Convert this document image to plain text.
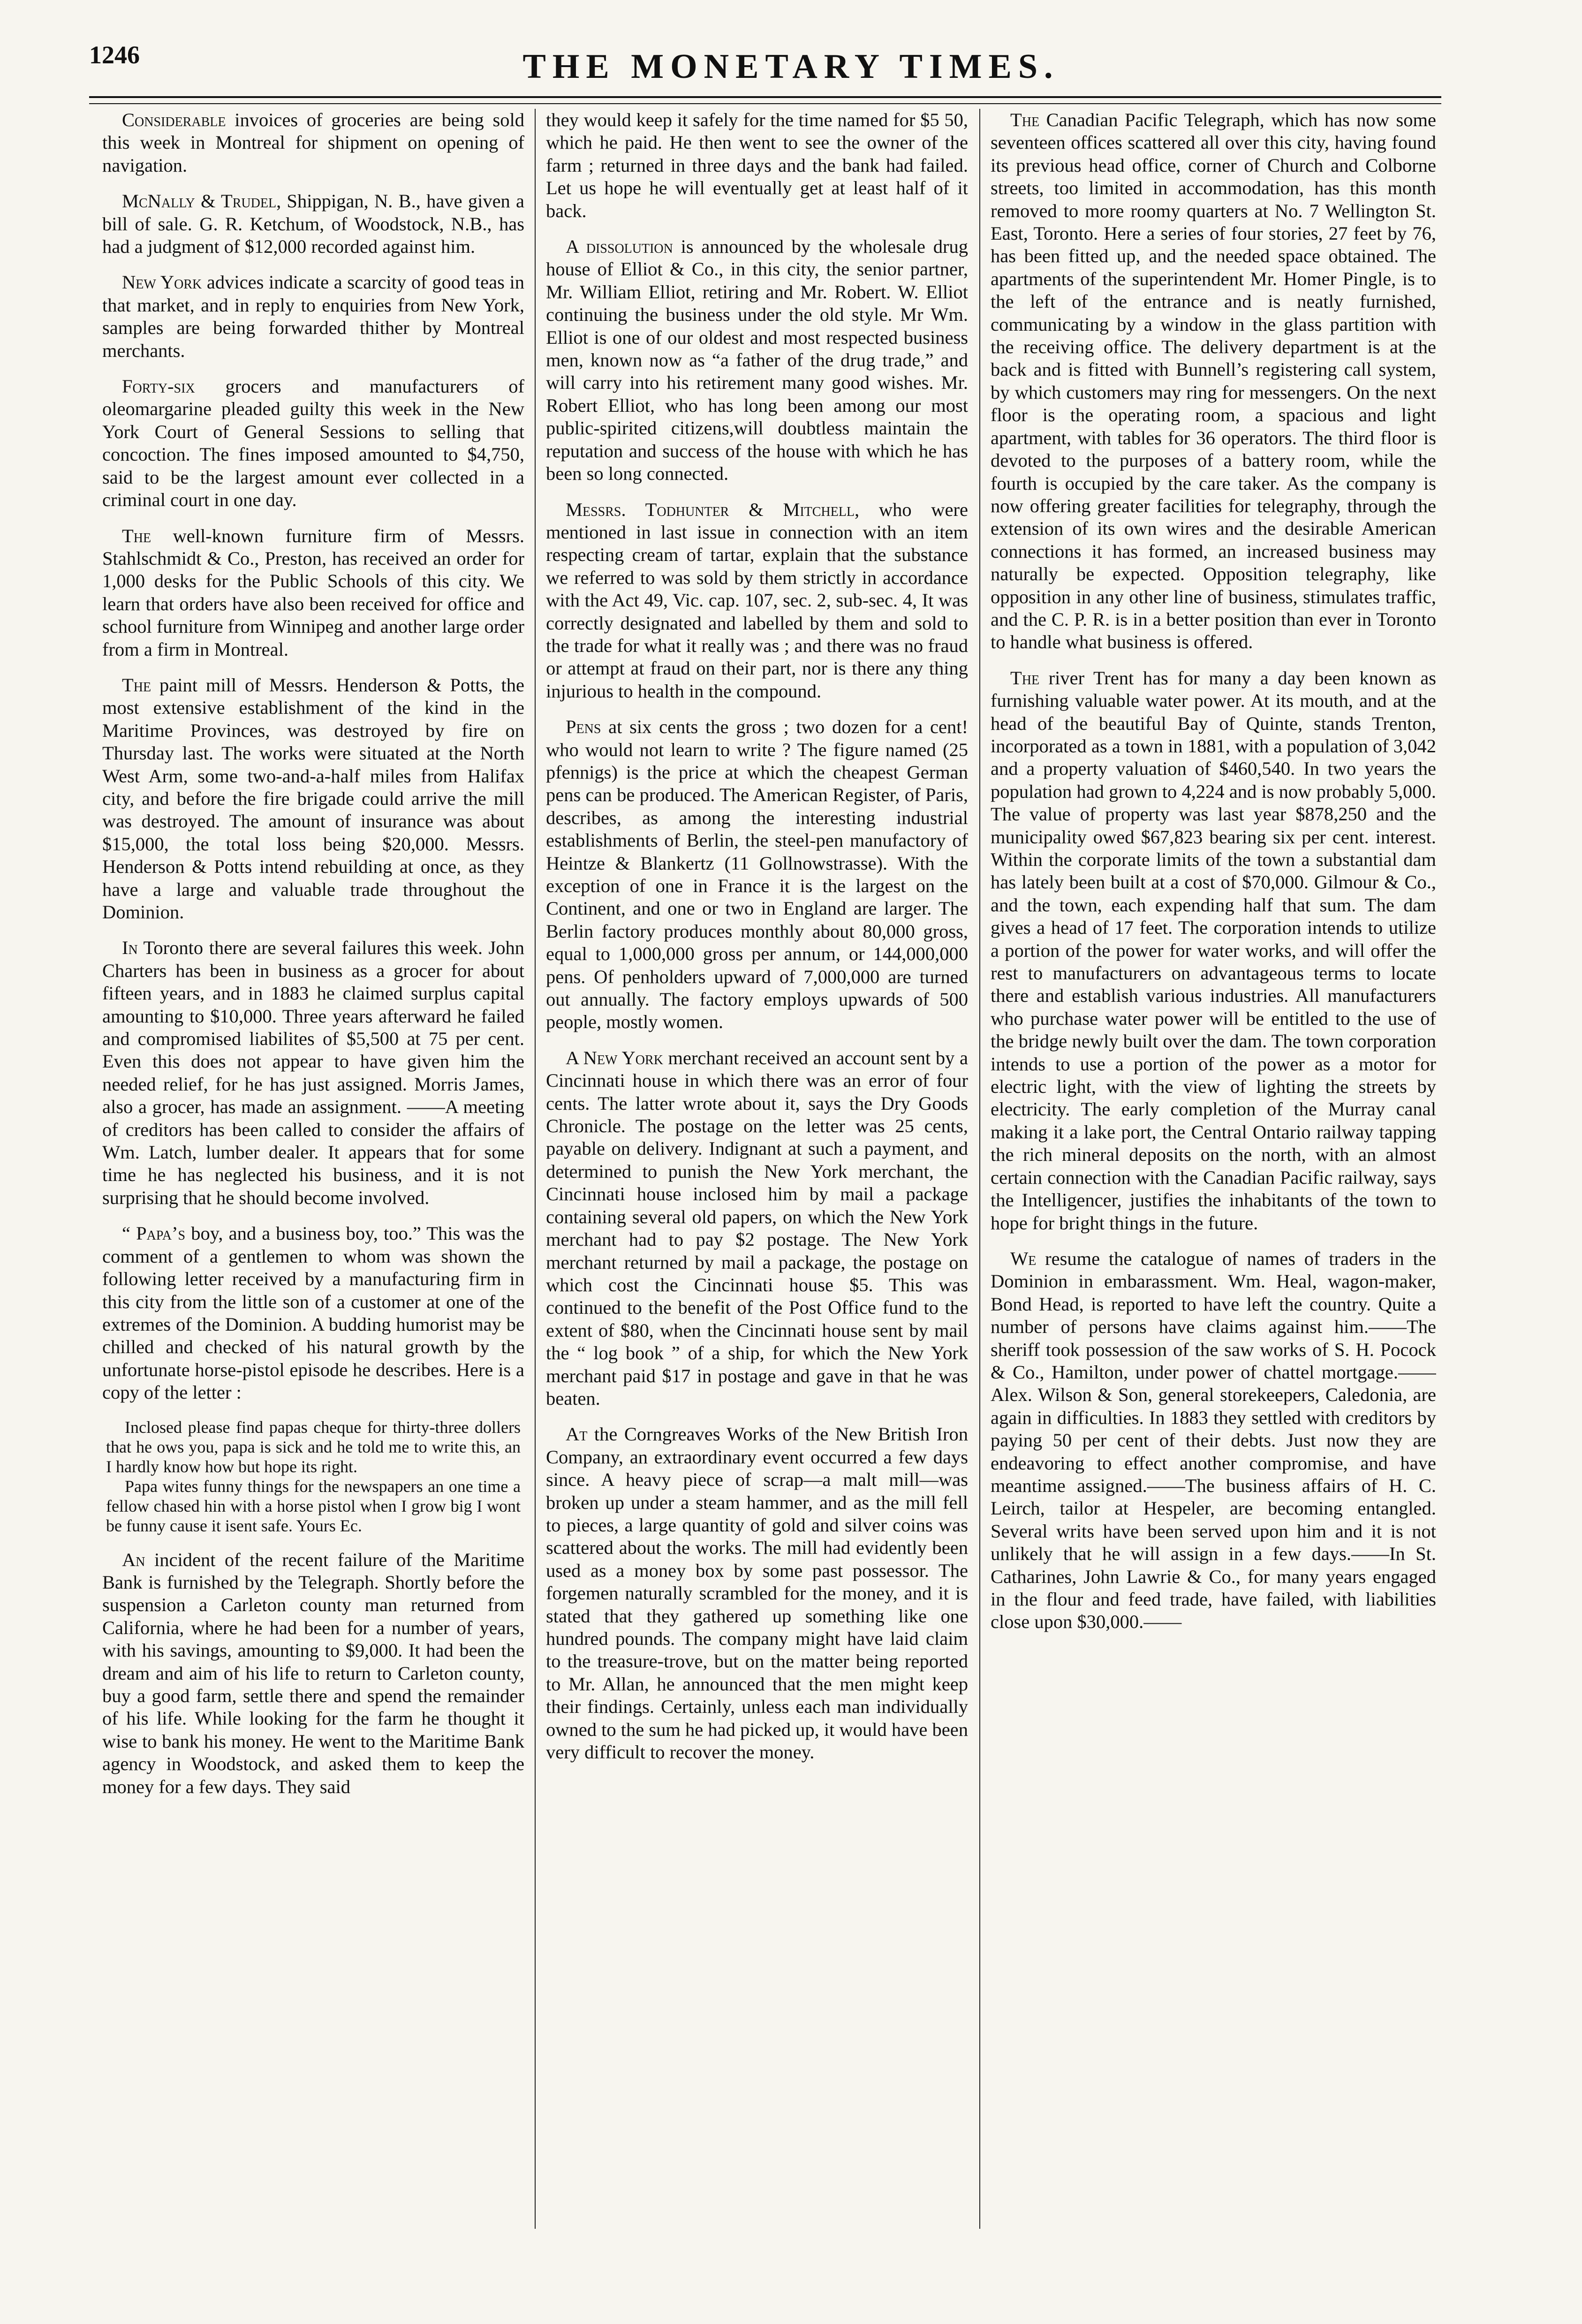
1246	THE MONETARY TIMES.

Considerable invoices of groceries are being sold this week in Montreal for shipment on opening of navigation.

McNally & Trudel, Shippigan, N. B., have given a bill of sale. G. R. Ketchum, of Woodstock, N.B., has had a judgment of $12,000 recorded against him.

New York advices indicate a scarcity of good teas in that market, and in reply to enquiries from New York, samples are being forwarded thither by Montreal merchants.

Forty-six grocers and manufacturers of oleomargarine pleaded guilty this week in the New York Court of General Sessions to selling that concoction. The fines imposed amounted to $4,750, said to be the largest amount ever collected in a criminal court in one day.

The well-known furniture firm of Messrs. Stahlschmidt & Co., Preston, has received an order for 1,000 desks for the Public Schools of this city. We learn that orders have also been received for office and school furniture from Winnipeg and another large order from a firm in Montreal.

The paint mill of Messrs. Henderson & Potts, the most extensive establishment of the kind in the Maritime Provinces, was destroyed by fire on Thursday last. The works were situated at the North West Arm, some two-and-a-half miles from Halifax city, and before the fire brigade could arrive the mill was destroyed. The amount of insurance was about $15,000, the total loss being $20,000. Messrs. Henderson & Potts intend rebuilding at once, as they have a large and valuable trade throughout the Dominion.

In Toronto there are several failures this week. John Charters has been in business as a grocer for about fifteen years, and in 1883 he claimed surplus capital amounting to $10,000. Three years afterward he failed and compromised liabilites of $5,500 at 75 per cent. Even this does not appear to have given him the needed relief, for he has just assigned. Morris James, also a grocer, has made an assignment. ——A meeting of creditors has been called to consider the affairs of Wm. Latch, lumber dealer. It appears that for some time he has neglected his business, and it is not surprising that he should become involved.

“ Papa’s boy, and a business boy, too.” This was the comment of a gentlemen to whom was shown the following letter received by a manufacturing firm in this city from the little son of a customer at one of the extremes of the Dominion. A budding humorist may be chilled and checked of his natural growth by the unfortunate horse-pistol episode he describes. Here is a copy of the letter :

Inclosed please find papas cheque for thirty-three dollers that he ows you, papa is sick and he told me to write this, an I hardly know how but hope its right.
Papa wites funny things for the newspapers an one time a fellow chased hin with a horse pistol when I grow big I wont be funny cause it isent safe. Yours Ec.

An incident of the recent failure of the Maritime Bank is furnished by the Telegraph. Shortly before the suspension a Carleton county man returned from California, where he had been for a number of years, with his savings, amounting to $9,000. It had been the dream and aim of his life to return to Carleton county, buy a good farm, settle there and spend the remainder of his life. While looking for the farm he thought it wise to bank his money. He went to the Maritime Bank agency in Woodstock, and asked them to keep the money for a few days. They said

they would keep it safely for the time named for $5 50, which he paid. He then went to see the owner of the farm ; returned in three days and the bank had failed. Let us hope he will eventually get at least half of it back.

A dissolution is announced by the wholesale drug house of Elliot & Co., in this city, the senior partner, Mr. William Elliot, retiring and Mr. Robert. W. Elliot continuing the business under the old style. Mr Wm. Elliot is one of our oldest and most respected business men, known now as “a father of the drug trade,” and will carry into his retirement many good wishes. Mr. Robert Elliot, who has long been among our most public-spirited citizens,will doubtless maintain the reputation and success of the house with which he has been so long connected.

Messrs. Todhunter & Mitchell, who were mentioned in last issue in connection with an item respecting cream of tartar, explain that the substance we referred to was sold by them strictly in accordance with the Act 49, Vic. cap. 107, sec. 2, sub-sec. 4, It was correctly designated and labelled by them and sold to the trade for what it really was ; and there was no fraud or attempt at fraud on their part, nor is there any thing injurious to health in the compound.

Pens at six cents the gross ; two dozen for a cent! who would not learn to write ? The figure named (25 pfennigs) is the price at which the cheapest German pens can be produced. The American Register, of Paris, describes, as among the interesting industrial establishments of Berlin, the steel-pen manufactory of Heintze & Blankertz (11 Gollnowstrasse). With the exception of one in France it is the largest on the Continent, and one or two in England are larger. The Berlin factory produces monthly about 80,000 gross, equal to 1,000,000 gross per annum, or 144,000,000 pens. Of penholders upward of 7,000,000 are turned out annually. The factory employs upwards of 500 people, mostly women.

A New York merchant received an account sent by a Cincinnati house in which there was an error of four cents. The latter wrote about it, says the Dry Goods Chronicle. The postage on the letter was 25 cents, payable on delivery. Indignant at such a payment, and determined to punish the New York merchant, the Cincinnati house inclosed him by mail a package containing several old papers, on which the New York merchant had to pay $2 postage. The New York merchant returned by mail a package, the postage on which cost the Cincinnati house $5. This was continued to the benefit of the Post Office fund to the extent of $80, when the Cincinnati house sent by mail the “ log book ” of a ship, for which the New York merchant paid $17 in postage and gave in that he was beaten.

At the Corngreaves Works of the New British Iron Company, an extraordinary event occurred a few days since. A heavy piece of scrap—a malt mill—was broken up under a steam hammer, and as the mill fell to pieces, a large quantity of gold and silver coins was scattered about the works. The mill had evidently been used as a money box by some past possessor. The forgemen naturally scrambled for the money, and it is stated that they gathered up something like one hundred pounds. The company might have laid claim to the treasure-trove, but on the matter being reported to Mr. Allan, he announced that the men might keep their findings. Certainly, unless each man individually owned to the sum he had picked up, it would have been very difficult to recover the money.

The Canadian Pacific Telegraph, which has now some seventeen offices scattered all over this city, having found its previous head office, corner of Church and Colborne streets, too limited in accommodation, has this month removed to more roomy quarters at No. 7 Wellington St. East, Toronto. Here a series of four stories, 27 feet by 76, has been fitted up, and the needed space obtained. The apartments of the superintendent Mr. Homer Pingle, is to the left of the entrance and is neatly furnished, communicating by a window in the glass partition with the receiving office. The delivery department is at the back and is fitted with Bunnell’s registering call system, by which customers may ring for messengers. On the next floor is the operating room, a spacious and light apartment, with tables for 36 operators. The third floor is devoted to the purposes of a battery room, while the fourth is occupied by the care taker. As the company is now offering greater facilities for telegraphy, through the extension of its own wires and the desirable American connections it has formed, an increased business may naturally be expected. Opposition telegraphy, like opposition in any other line of business, stimulates traffic, and the C. P. R. is in a better position than ever in Toronto to handle what business is offered.

The river Trent has for many a day been known as furnishing valuable water power. At its mouth, and at the head of the beautiful Bay of Quinte, stands Trenton, incorporated as a town in 1881, with a population of 3,042 and a property valuation of $460,540. In two years the population had grown to 4,224 and is now probably 5,000. The value of property was last year $878,250 and the municipality owed $67,823 bearing six per cent. interest. Within the corporate limits of the town a substantial dam has lately been built at a cost of $70,000. Gilmour & Co., and the town, each expending half that sum. The dam gives a head of 17 feet. The corporation intends to utilize a portion of the power for water works, and will offer the rest to manufacturers on advantageous terms to locate there and establish various industries. All manufacturers who purchase water power will be entitled to the use of the bridge newly built over the dam. The town corporation intends to use a portion of the power as a motor for electric light, with the view of lighting the streets by electricity. The early completion of the Murray canal making it a lake port, the Central Ontario railway tapping the rich mineral deposits on the north, with an almost certain connection with the Canadian Pacific railway, says the Intelligencer, justifies the inhabitants of the town to hope for bright things in the future.

We resume the catalogue of names of traders in the Dominion in embarassment. Wm. Heal, wagon-maker, Bond Head, is reported to have left the country. Quite a number of persons have claims against him.——The sheriff took possession of the saw works of S. H. Pocock & Co., Hamilton, under power of chattel mortgage.——Alex. Wilson & Son, general storekeepers, Caledonia, are again in difficulties. In 1883 they settled with creditors by paying 50 per cent of their debts. Just now they are endeavoring to effect another compromise, and have meantime assigned.——The business affairs of H. C. Leirch, tailor at Hespeler, are becoming entangled. Several writs have been served upon him and it is not unlikely that he will assign in a few days.——In St. Catharines, John Lawrie & Co., for many years engaged in the flour and feed trade, have failed, with liabilities close upon $30,000.——
